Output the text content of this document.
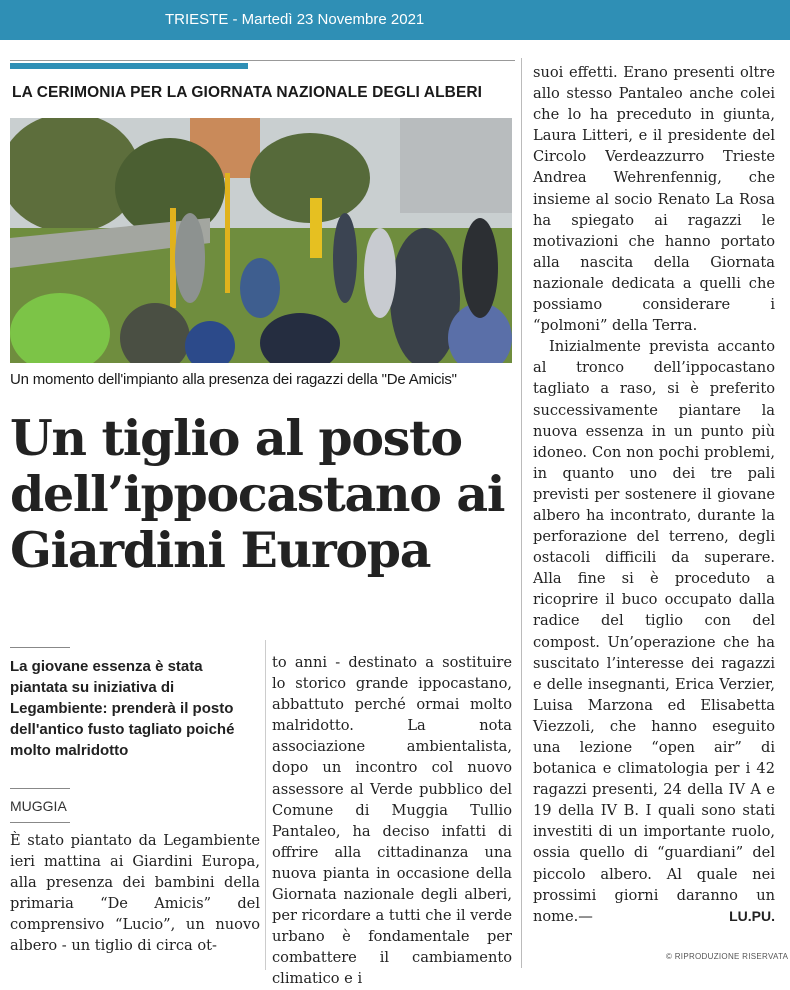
TRIESTE - Martedì 23 Novembre 2021
LA CERIMONIA PER LA GIORNATA NAZIONALE DEGLI ALBERI
Un momento dell'impianto alla presenza dei ragazzi della "De Amicis"
Un tiglio al posto dell’ippocastano ai Giardini Europa
La giovane essenza è stata piantata su iniziativa di Legambiente: prenderà il posto dell'antico fusto tagliato poiché molto malridotto
MUGGIA

È stato piantato da Legambiente ieri mattina ai Giardini Europa, alla presenza dei bambini della primaria “De Amicis” del comprensivo “Lucio”, un nuovo albero - un tiglio di circa ot-

to anni - destinato a sostituire lo storico grande ippocastano, abbattuto perché ormai molto malridotto. La nota associazione ambientalista, dopo un incontro col nuovo assessore al Verde pubblico del Comune di Muggia Tullio Pantaleo, ha deciso infatti di offrire alla cittadinanza una nuova pianta in occasione della Giornata nazionale degli alberi, per ricordare a tutti che il verde urbano è fondamentale per combattere il cambiamento climatico e i

suoi effetti. Erano presenti oltre allo stesso Pantaleo anche colei che lo ha preceduto in giunta, Laura Litteri, e il presidente del Circolo Verdeazzurro Trieste Andrea Wehrenfennig, che insieme al socio Renato La Rosa ha spiegato ai ragazzi le motivazioni che hanno portato alla nascita della Giornata nazionale dedicata a quelli che possiamo considerare i “polmoni” della Terra.

Inizialmente prevista accanto al tronco dell’ippocastano tagliato a raso, si è preferito successivamente piantare la nuova essenza in un punto più idoneo. Con non pochi problemi, in quanto uno dei tre pali previsti per sostenere il giovane albero ha incontrato, durante la perforazione del terreno, degli ostacoli difficili da superare. Alla fine si è proceduto a ricoprire il buco occupato dalla radice del tiglio con del compost. Un’operazione che ha suscitato l’interesse dei ragazzi e delle insegnanti, Erica Verzier, Luisa Marzona ed Elisabetta Viezzoli, che hanno eseguito una lezione “open air” di botanica e climatologia per i 42 ragazzi presenti, 24 della IV A e 19 della IV B. I quali sono stati investiti di un importante ruolo, ossia quello di “guardiani” del piccolo albero. Al quale nei prossimi giorni daranno un nome.—	LU.PU.

© RIPRODUZIONE RISERVATA
